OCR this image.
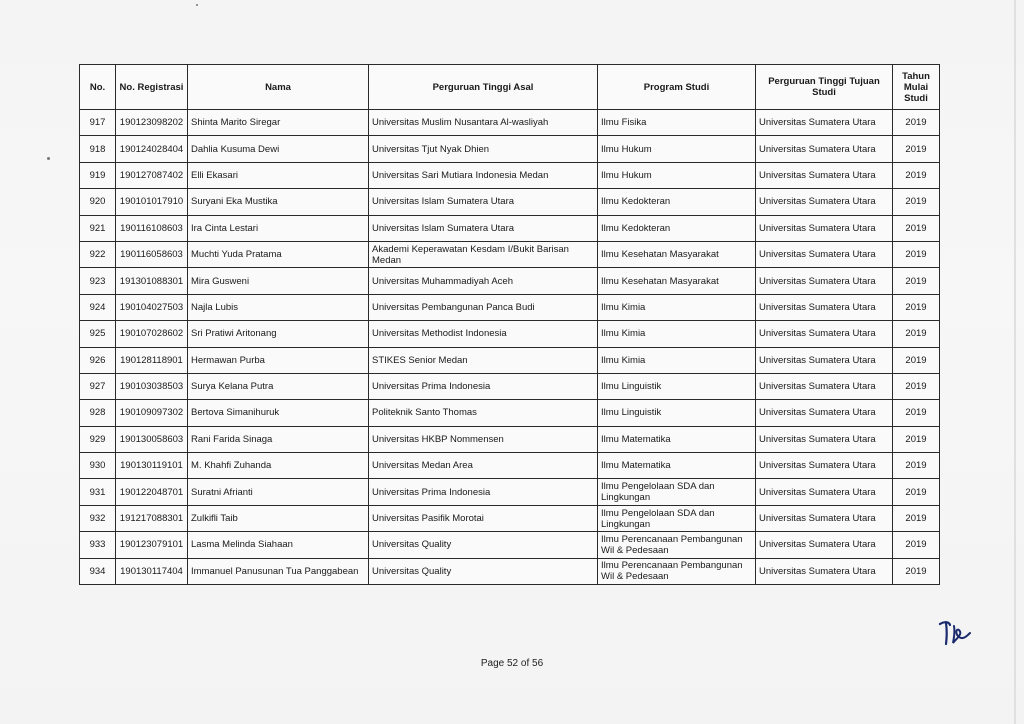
No.	No. Registrasi	Nama	Perguruan Tinggi Asal	Program Studi	Perguruan Tinggi Tujuan Studi	Tahun Mulai Studi
917	190123098202	Shinta Marito Siregar	Universitas Muslim Nusantara Al-wasliyah	Ilmu Fisika	Universitas Sumatera Utara	2019
918	190124028404	Dahlia Kusuma Dewi	Universitas Tjut Nyak Dhien	Ilmu Hukum	Universitas Sumatera Utara	2019
919	190127087402	Elli Ekasari	Universitas Sari Mutiara Indonesia Medan	Ilmu Hukum	Universitas Sumatera Utara	2019
920	190101017910	Suryani Eka Mustika	Universitas Islam Sumatera Utara	Ilmu Kedokteran	Universitas Sumatera Utara	2019
921	190116108603	Ira Cinta Lestari	Universitas Islam Sumatera Utara	Ilmu Kedokteran	Universitas Sumatera Utara	2019
922	190116058603	Muchti Yuda Pratama	Akademi Keperawatan Kesdam I/Bukit Barisan Medan	Ilmu Kesehatan Masyarakat	Universitas Sumatera Utara	2019
923	191301088301	Mira Gusweni	Universitas Muhammadiyah Aceh	Ilmu Kesehatan Masyarakat	Universitas Sumatera Utara	2019
924	190104027503	Najla Lubis	Universitas Pembangunan Panca Budi	Ilmu Kimia	Universitas Sumatera Utara	2019
925	190107028602	Sri Pratiwi Aritonang	Universitas Methodist Indonesia	Ilmu Kimia	Universitas Sumatera Utara	2019
926	190128118901	Hermawan Purba	STIKES Senior Medan	Ilmu Kimia	Universitas Sumatera Utara	2019
927	190103038503	Surya Kelana Putra	Universitas Prima Indonesia	Ilmu Linguistik	Universitas Sumatera Utara	2019
928	190109097302	Bertova Simanihuruk	Politeknik Santo Thomas	Ilmu Linguistik	Universitas Sumatera Utara	2019
929	190130058603	Rani Farida Sinaga	Universitas HKBP Nommensen	Ilmu Matematika	Universitas Sumatera Utara	2019
930	190130119101	M. Khahfi Zuhanda	Universitas Medan Area	Ilmu Matematika	Universitas Sumatera Utara	2019
931	190122048701	Suratni Afrianti	Universitas Prima Indonesia	Ilmu Pengelolaan SDA dan Lingkungan	Universitas Sumatera Utara	2019
932	191217088301	Zulkifli Taib	Universitas Pasifik Morotai	Ilmu Pengelolaan SDA dan Lingkungan	Universitas Sumatera Utara	2019
933	190123079101	Lasma Melinda Siahaan	Universitas Quality	Ilmu Perencanaan Pembangunan Wil & Pedesaan	Universitas Sumatera Utara	2019
934	190130117404	Immanuel Panusunan Tua Panggabean	Universitas Quality	Ilmu Perencanaan Pembangunan Wil & Pedesaan	Universitas Sumatera Utara	2019
Page 52 of 56
